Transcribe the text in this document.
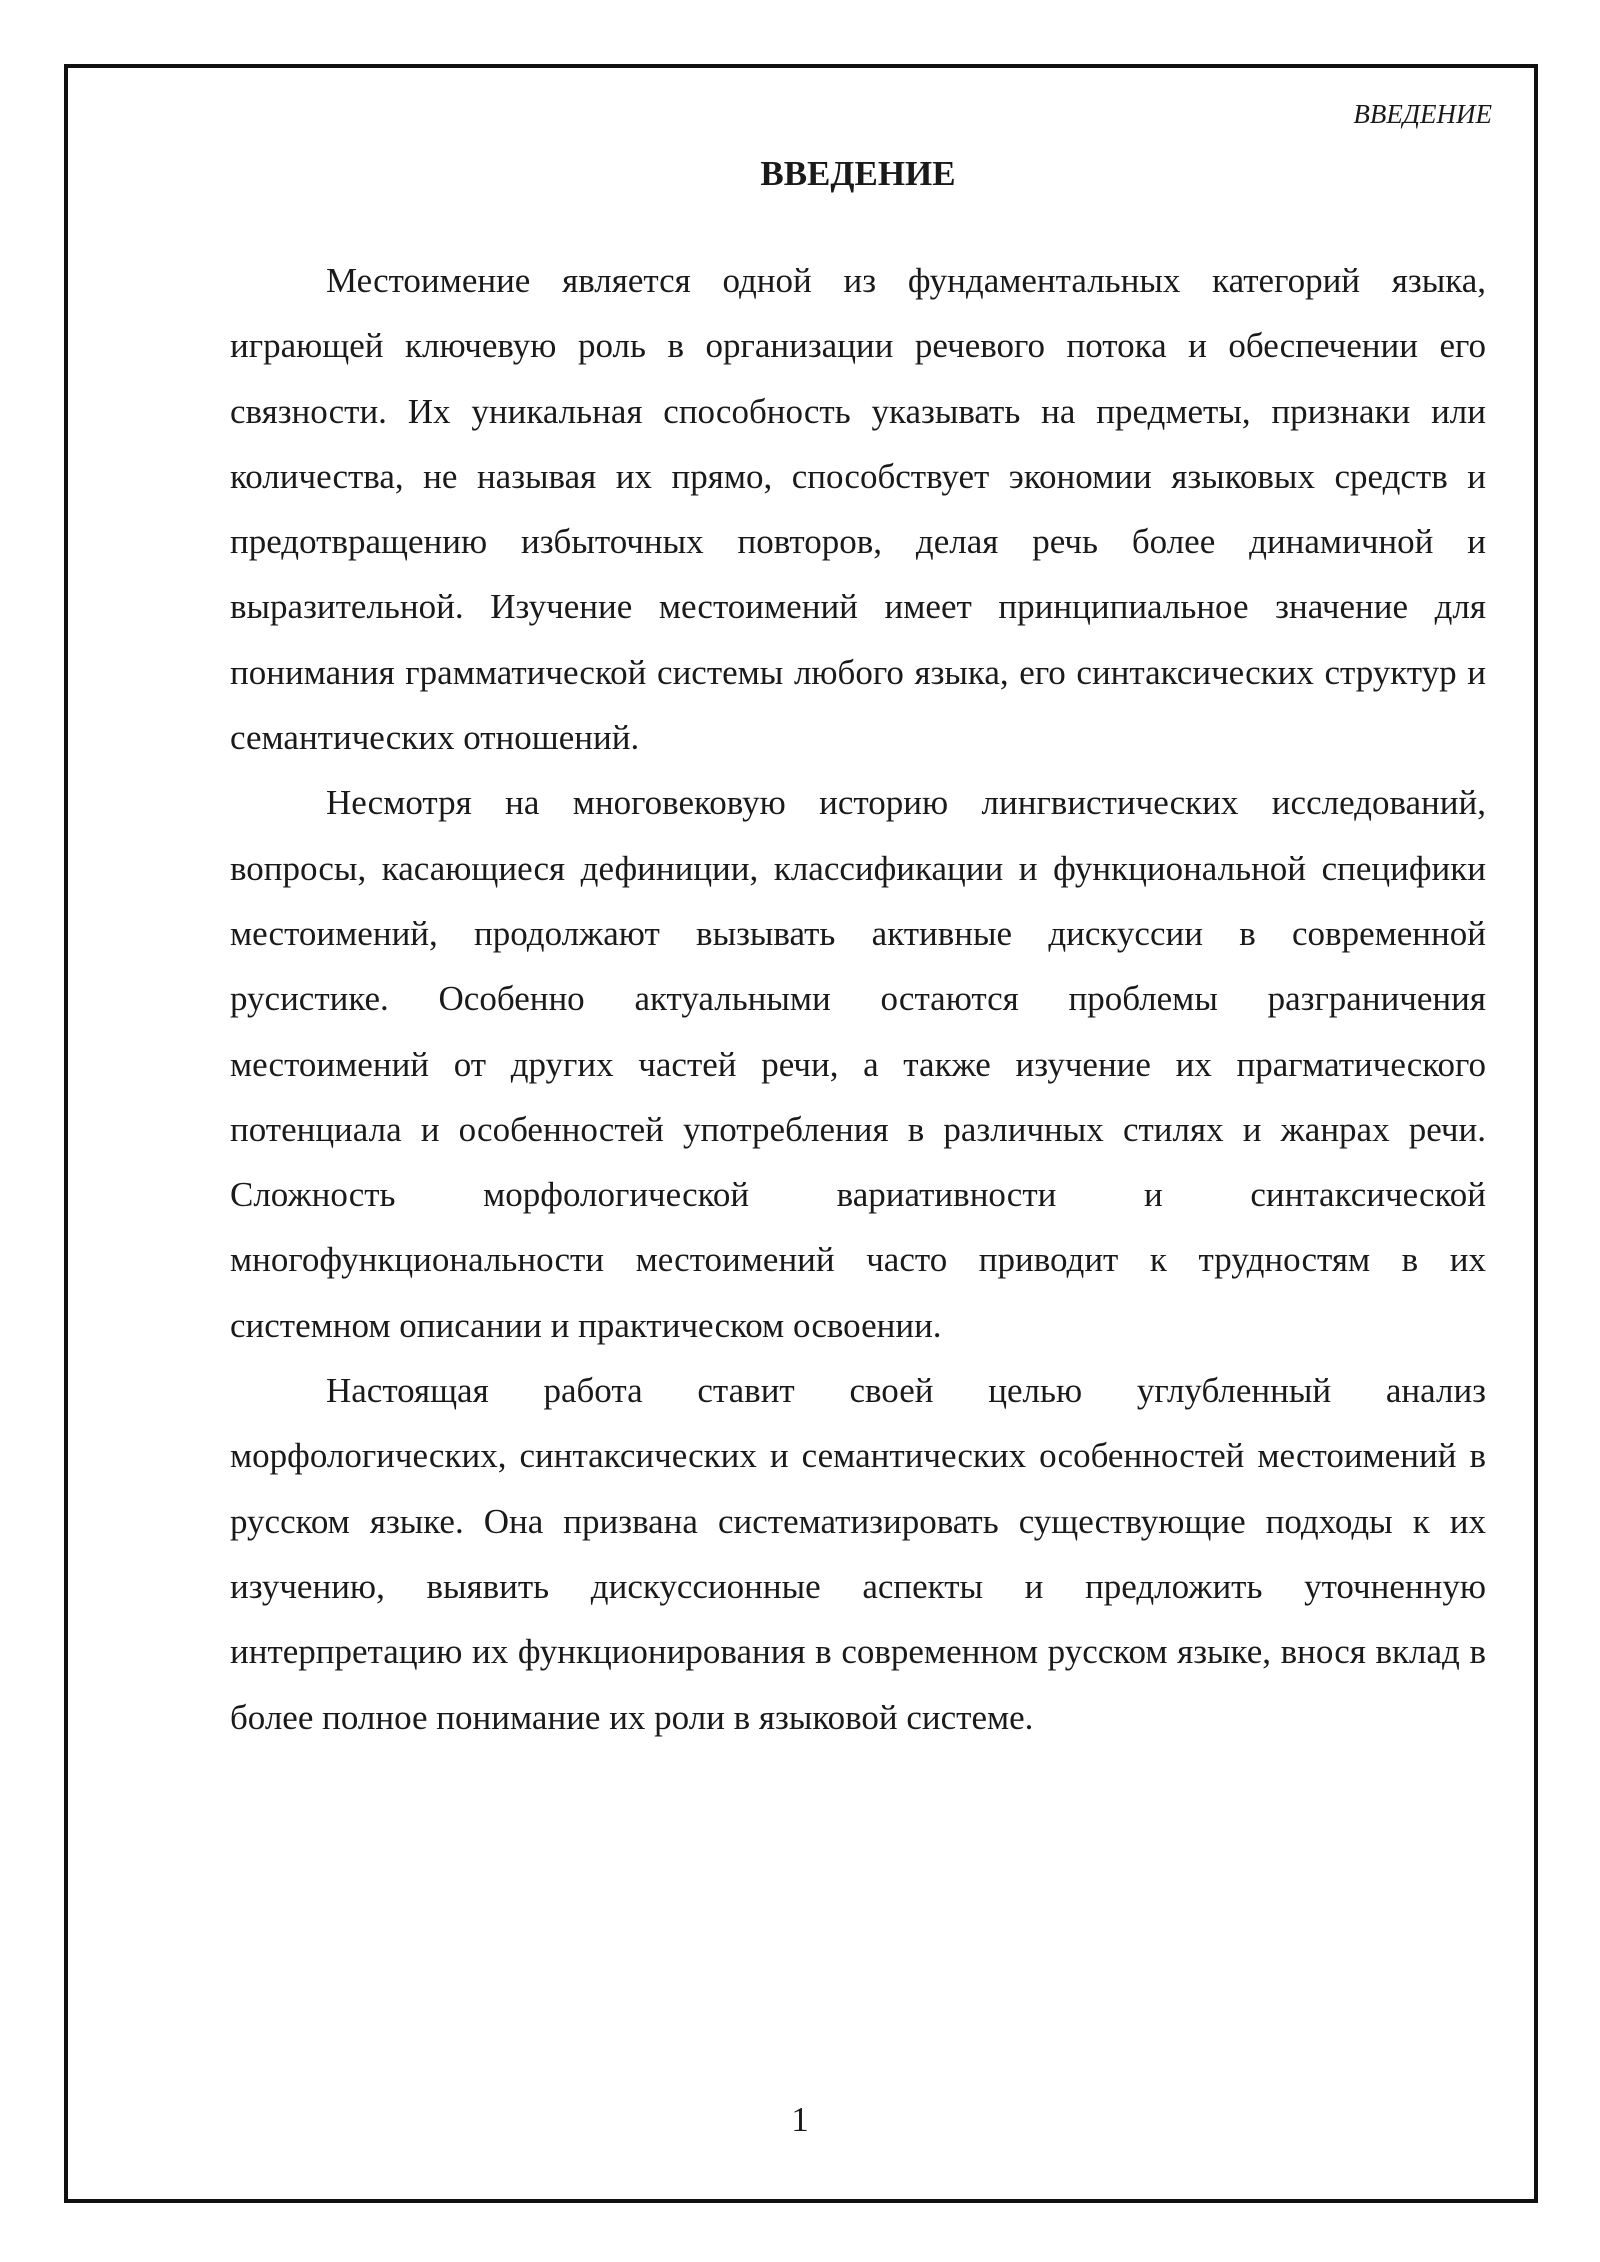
ВВЕДЕНИЕ
ВВЕДЕНИЕ

Местоимение является одной из фундаментальных категорий языка, играющей ключевую роль в организации речевого потока и обеспечении его связности. Их уникальная способность указывать на предметы, признаки или количества, не называя их прямо, способствует экономии языковых средств и предотвращению избыточных повторов, делая речь более динамичной и выразительной. Изучение местоимений имеет принципиальное значение для понимания грамматической системы любого языка, его синтаксических структур и семантических отношений.

Несмотря на многовековую историю лингвистических исследований, вопросы, касающиеся дефиниции, классификации и функциональной специфики местоимений, продолжают вызывать активные дискуссии в современной русистике. Особенно актуальными остаются проблемы разграничения местоимений от других частей речи, а также изучение их прагматического потенциала и особенностей употребления в различных стилях и жанрах речи. Сложность морфологической вариативности и синтаксической многофункциональности местоимений часто приводит к трудностям в их системном описании и практическом освоении.

Настоящая работа ставит своей целью углубленный анализ морфологических, синтаксических и семантических особенностей местоимений в русском языке. Она призвана систематизировать существующие подходы к их изучению, выявить дискуссионные аспекты и предложить уточненную интерпретацию их функционирования в современном русском языке, внося вклад в более полное понимание их роли в языковой системе.

1
